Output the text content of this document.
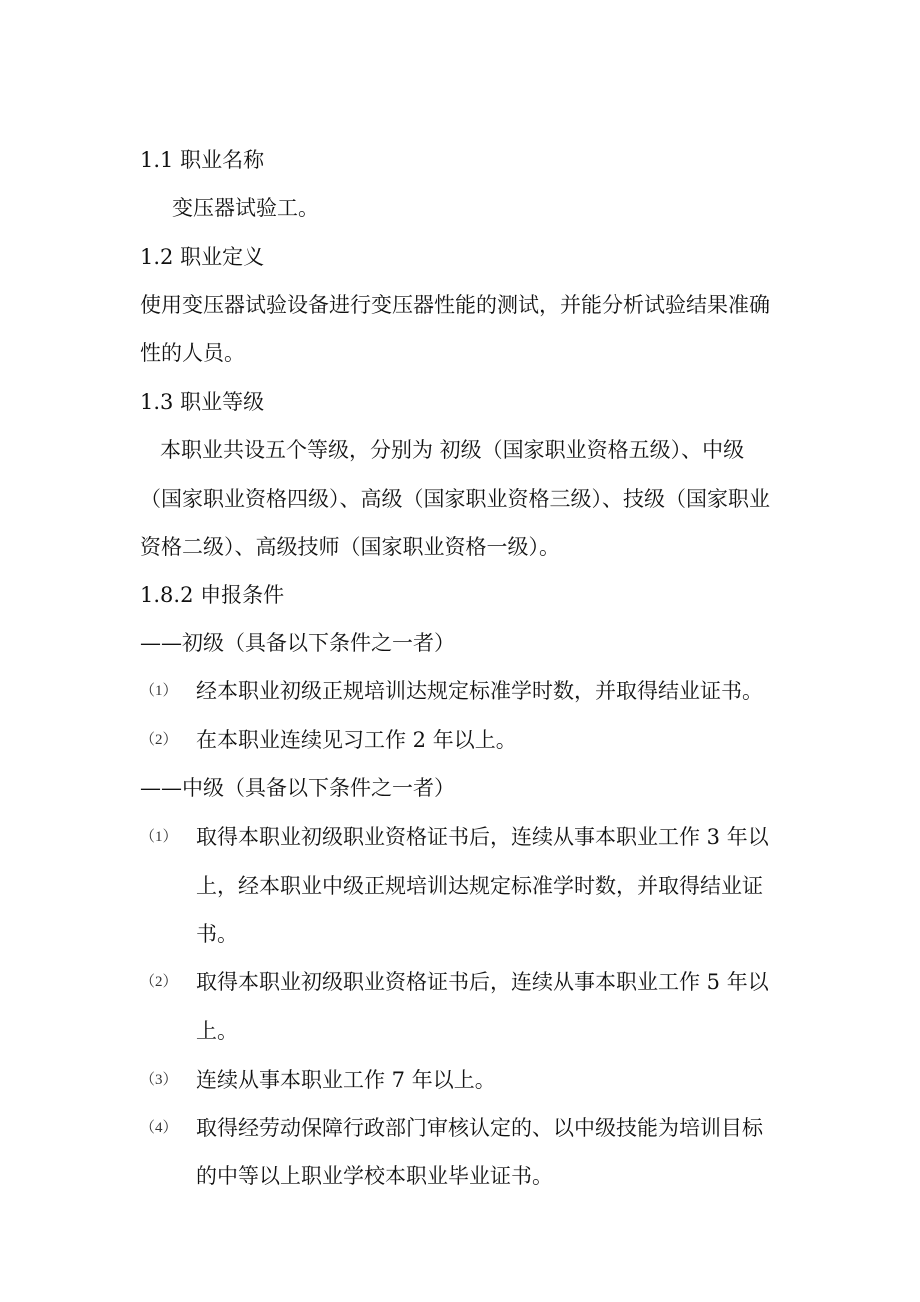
1.1 职业名称
变压器试验工。
1.2 职业定义
使用变压器试验设备进行变压器性能的测试，并能分析试验结果准确
性的人员。
1.3 职业等级
本职业共设五个等级，分别为 初级（国家职业资格五级）、中级
（国家职业资格四级）、高级（国家职业资格三级）、技级（国家职业
资格二级）、高级技师（国家职业资格一级）。
1.8.2 申报条件
——初级（具备以下条件之一者）
（1） 经本职业初级正规培训达规定标准学时数，并取得结业证书。
（2） 在本职业连续见习工作 2 年以上。
——中级（具备以下条件之一者）
（1） 取得本职业初级职业资格证书后，连续从事本职业工作 3 年以
上，经本职业中级正规培训达规定标准学时数，并取得结业证
书。
（2） 取得本职业初级职业资格证书后，连续从事本职业工作 5 年以
上。
（3） 连续从事本职业工作 7 年以上。
（4） 取得经劳动保障行政部门审核认定的、以中级技能为培训目标
的中等以上职业学校本职业毕业证书。
